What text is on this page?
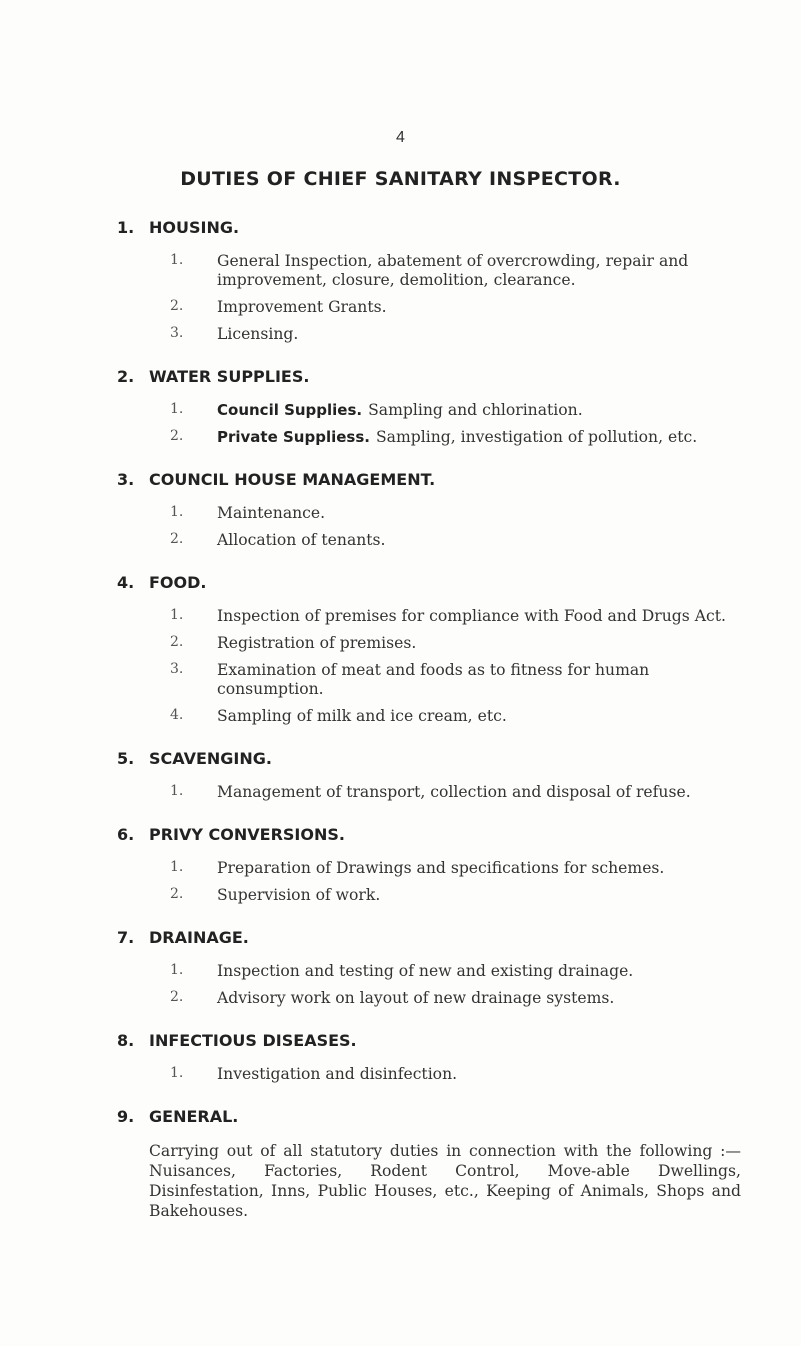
4
DUTIES OF CHIEF SANITARY INSPECTOR.
1. HOUSING.
1. General Inspection, abatement of overcrowding, repair and improvement, closure, demolition, clearance.
2. Improvement Grants.
3. Licensing.
2. WATER SUPPLIES.
1. Council Supplies. Sampling and chlorination.
2. Private Suppliess. Sampling, investigation of pollution, etc.
3. COUNCIL HOUSE MANAGEMENT.
1. Maintenance.
2. Allocation of tenants.
4. FOOD.
1. Inspection of premises for compliance with Food and Drugs Act.
2. Registration of premises.
3. Examination of meat and foods as to fitness for human consumption.
4. Sampling of milk and ice cream, etc.
5. SCAVENGING.
1. Management of transport, collection and disposal of refuse.
6. PRIVY CONVERSIONS.
1. Preparation of Drawings and specifications for schemes.
2. Supervision of work.
7. DRAINAGE.
1. Inspection and testing of new and existing drainage.
2. Advisory work on layout of new drainage systems.
8. INFECTIOUS DISEASES.
1. Investigation and disinfection.
9. GENERAL.
Carrying out of all statutory duties in connection with the following :—Nuisances, Factories, Rodent Control, Move-able Dwellings, Disinfestation, Inns, Public Houses, etc., Keeping of Animals, Shops and Bakehouses.
